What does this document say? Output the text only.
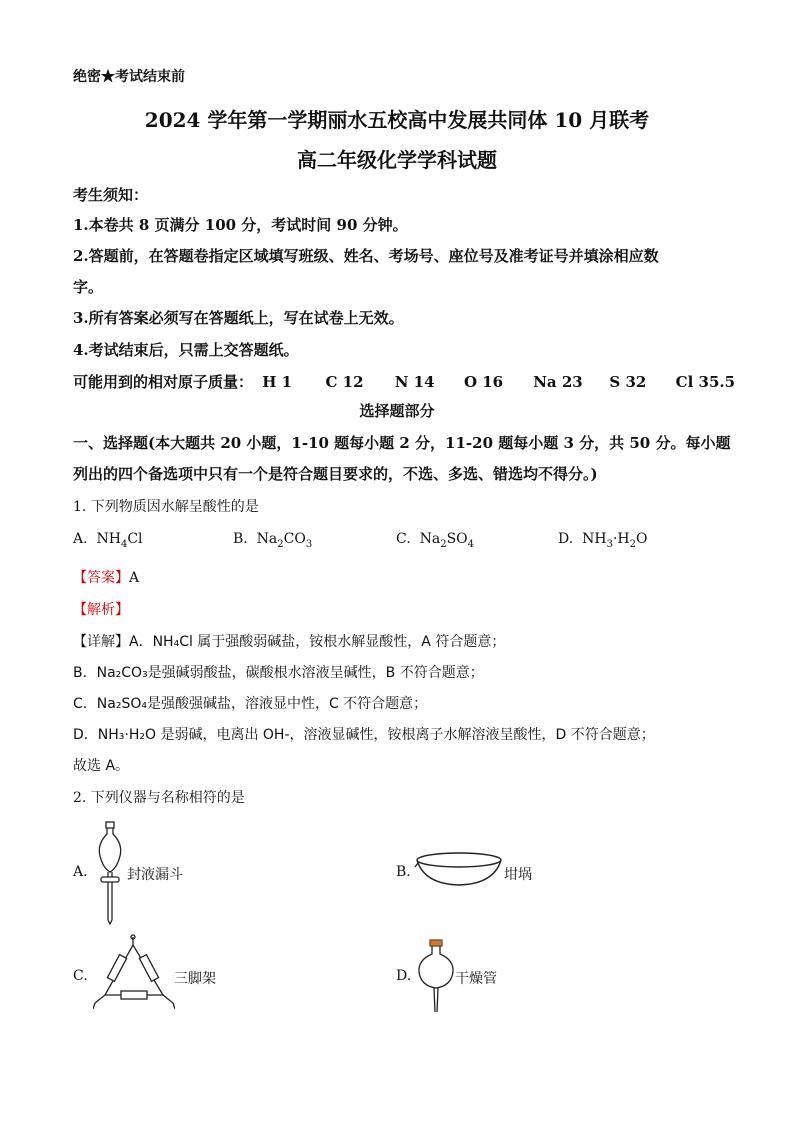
绝密★考试结束前
2024 学年第一学期丽水五校高中发展共同体 10 月联考
高二年级化学学科试题
考生须知：
1.本卷共 8 页满分 100 分，考试时间 90 分钟。
2.答题前，在答题卷指定区域填写班级、姓名、考场号、座位号及准考证号并填涂相应数
字。
3.所有答案必须写在答题纸上，写在试卷上无效。
4.考试结束后，只需上交答题纸。
可能用到的相对原子质量： H 1 C 12 N 14 O 16 Na 23 S 32 Cl 35.5
选择题部分
一、选择题(本大题共 20 小题，1-10 题每小题 2 分，11-20 题每小题 3 分，共 50 分。每小题
列出的四个备选项中只有一个是符合题目要求的，不选、多选、错选均不得分。)
1. 下列物质因水解呈酸性的是
A. $NH_4Cl$	B. $Na_2CO_3$	C. $Na_2SO_4$	D. $NH_3\cdot H_2O$
【答案】A
【解析】
【详解】A．NH₄Cl 属于强酸弱碱盐，铵根水解显酸性，A 符合题意；
B．Na₂CO₃是强碱弱酸盐，碳酸根水溶液呈碱性，B 不符合题意；
C．Na₂SO₄是强酸强碱盐，溶液显中性，C 不符合题意；
D．NH₃·H₂O 是弱碱，电离出 OH-，溶液显碱性，铵根离子水解溶液呈酸性，D 不符合题意；
故选 A。
2. 下列仪器与名称相符的是
A.	封液漏斗	B.	坩埚
C.	三脚架	D.	干燥管
